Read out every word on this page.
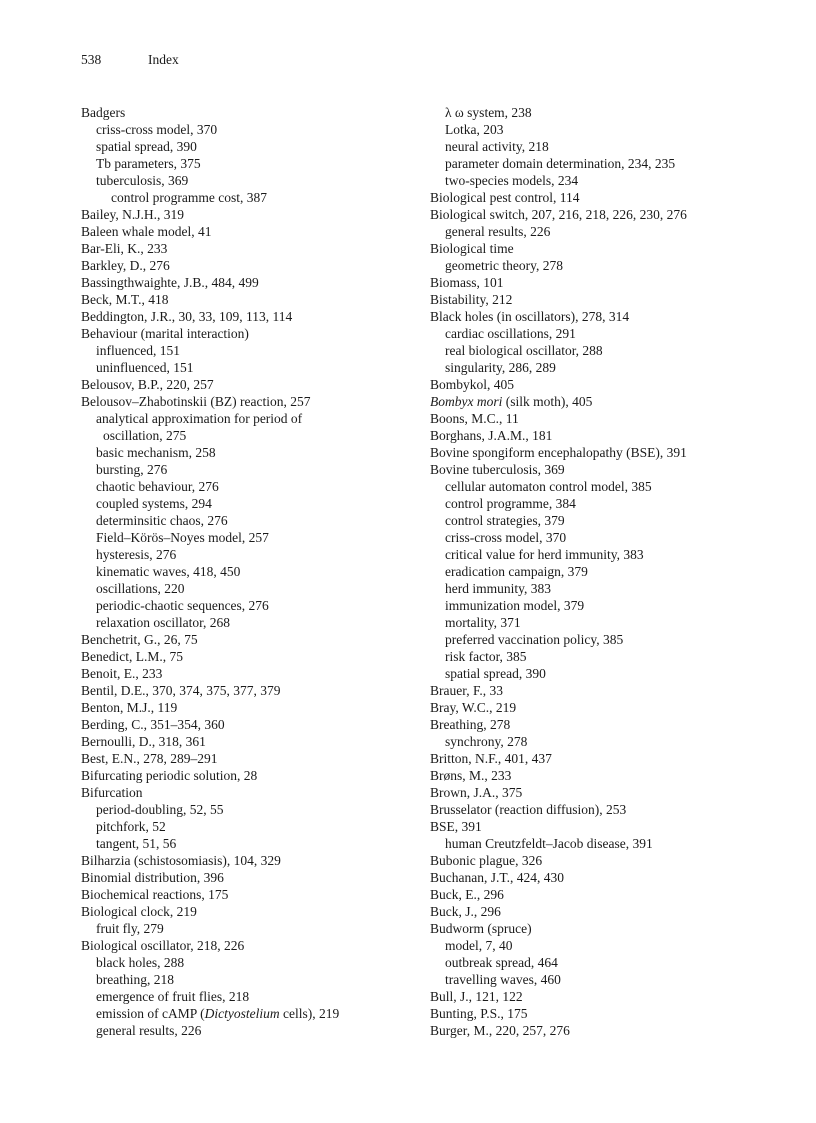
538	Index
Badgers
criss-cross model, 370
spatial spread, 390
Tb parameters, 375
tuberculosis, 369
control programme cost, 387
Bailey, N.J.H., 319
Baleen whale model, 41
Bar-Eli, K., 233
Barkley, D., 276
Bassingthwaighte, J.B., 484, 499
Beck, M.T., 418
Beddington, J.R., 30, 33, 109, 113, 114
Behaviour (marital interaction)
influenced, 151
uninfluenced, 151
Belousov, B.P., 220, 257
Belousov–Zhabotinskii (BZ) reaction, 257
analytical approximation for period of
oscillation, 275
basic mechanism, 258
bursting, 276
chaotic behaviour, 276
coupled systems, 294
determinsitic chaos, 276
Field–Körös–Noyes model, 257
hysteresis, 276
kinematic waves, 418, 450
oscillations, 220
periodic-chaotic sequences, 276
relaxation oscillator, 268
Benchetrit, G., 26, 75
Benedict, L.M., 75
Benoit, E., 233
Bentil, D.E., 370, 374, 375, 377, 379
Benton, M.J., 119
Berding, C., 351–354, 360
Bernoulli, D., 318, 361
Best, E.N., 278, 289–291
Bifurcating periodic solution, 28
Bifurcation
period-doubling, 52, 55
pitchfork, 52
tangent, 51, 56
Bilharzia (schistosomiasis), 104, 329
Binomial distribution, 396
Biochemical reactions, 175
Biological clock, 219
fruit fly, 279
Biological oscillator, 218, 226
black holes, 288
breathing, 218
emergence of fruit flies, 218
emission of cAMP (Dictyostelium cells), 219
general results, 226
λ ω system, 238
Lotka, 203
neural activity, 218
parameter domain determination, 234, 235
two-species models, 234
Biological pest control, 114
Biological switch, 207, 216, 218, 226, 230, 276
general results, 226
Biological time
geometric theory, 278
Biomass, 101
Bistability, 212
Black holes (in oscillators), 278, 314
cardiac oscillations, 291
real biological oscillator, 288
singularity, 286, 289
Bombykol, 405
Bombyx mori (silk moth), 405
Boons, M.C., 11
Borghans, J.A.M., 181
Bovine spongiform encephalopathy (BSE), 391
Bovine tuberculosis, 369
cellular automaton control model, 385
control programme, 384
control strategies, 379
criss-cross model, 370
critical value for herd immunity, 383
eradication campaign, 379
herd immunity, 383
immunization model, 379
mortality, 371
preferred vaccination policy, 385
risk factor, 385
spatial spread, 390
Brauer, F., 33
Bray, W.C., 219
Breathing, 278
synchrony, 278
Britton, N.F., 401, 437
Brøns, M., 233
Brown, J.A., 375
Brusselator (reaction diffusion), 253
BSE, 391
human Creutzfeldt–Jacob disease, 391
Bubonic plague, 326
Buchanan, J.T., 424, 430
Buck, E., 296
Buck, J., 296
Budworm (spruce)
model, 7, 40
outbreak spread, 464
travelling waves, 460
Bull, J., 121, 122
Bunting, P.S., 175
Burger, M., 220, 257, 276
